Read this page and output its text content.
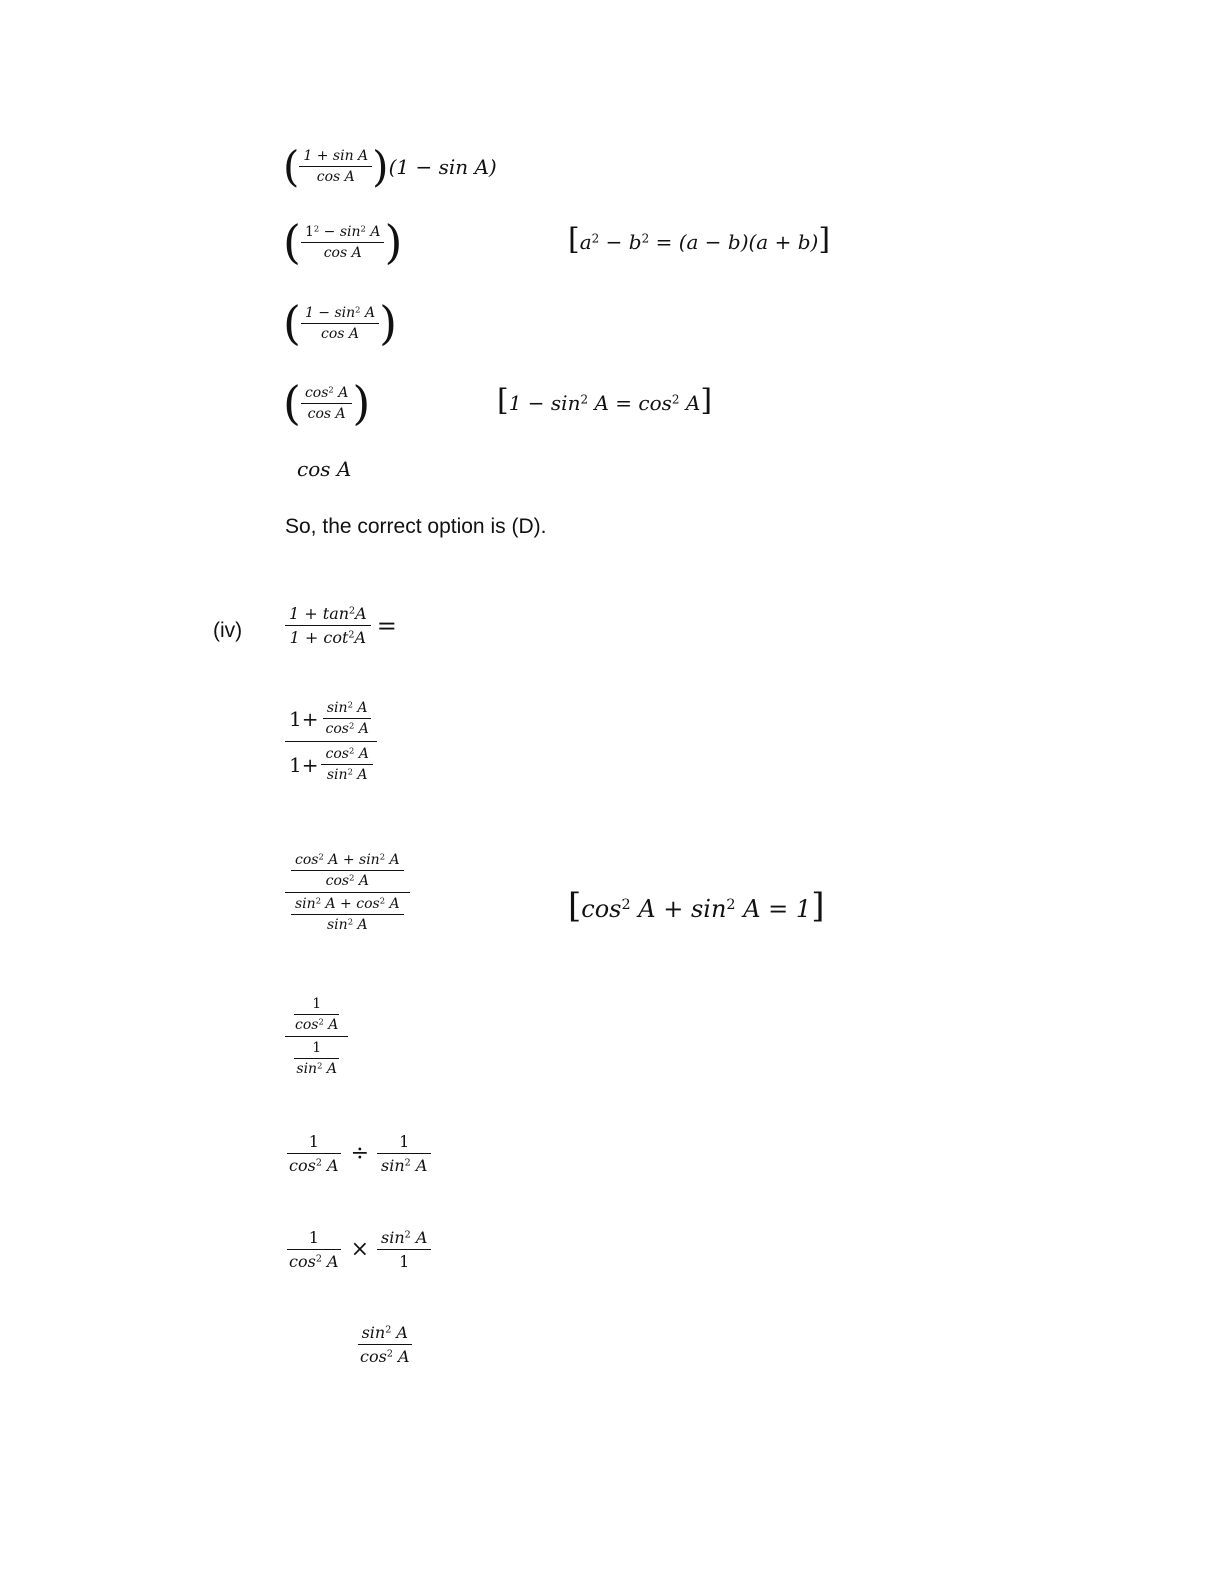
( $\frac{\text{1 + sin A}}{\text{cos A}}$ ) (1 − sin A)
( $\frac{1^2 - \sin^2 A}{\text{cos A}}$ )	$[a^2 - b^2 = (a - b)(a + b)]$
( $\frac{1 - \sin^2 A}{\text{cos A}}$ )
( $\frac{\cos^2 A}{\text{cos A}}$ )	$[1 - \sin^2 A = \cos^2 A]$
cos A
So, the correct option is (D).
(iv)	$\frac{1 + \tan^2A}{1 + \cot^2A}$ =
$\frac{1+ \frac{\sin^2 A}{\cos^2 A}}{1+ \frac{\cos^2 A}{\sin^2 A}}$
$\frac{\frac{\cos^2 A + \sin^2 A}{\cos^2 A}}{\frac{\sin^2 A + \cos^2 A}{\sin^2 A}}$	[$\cos^2$ $A + \sin^2 A = 1$]
$\frac{\frac{1}{\cos^2 A}}{\frac{1}{\sin^2 A}}$
$\frac{1}{\cos^2 A} \div \frac{1}{\sin^2 A}$
$\frac{1}{\cos^2 A} \times \frac{\sin^2 A}{1}$
$\frac{\sin^2 A}{\cos^2 A}$
